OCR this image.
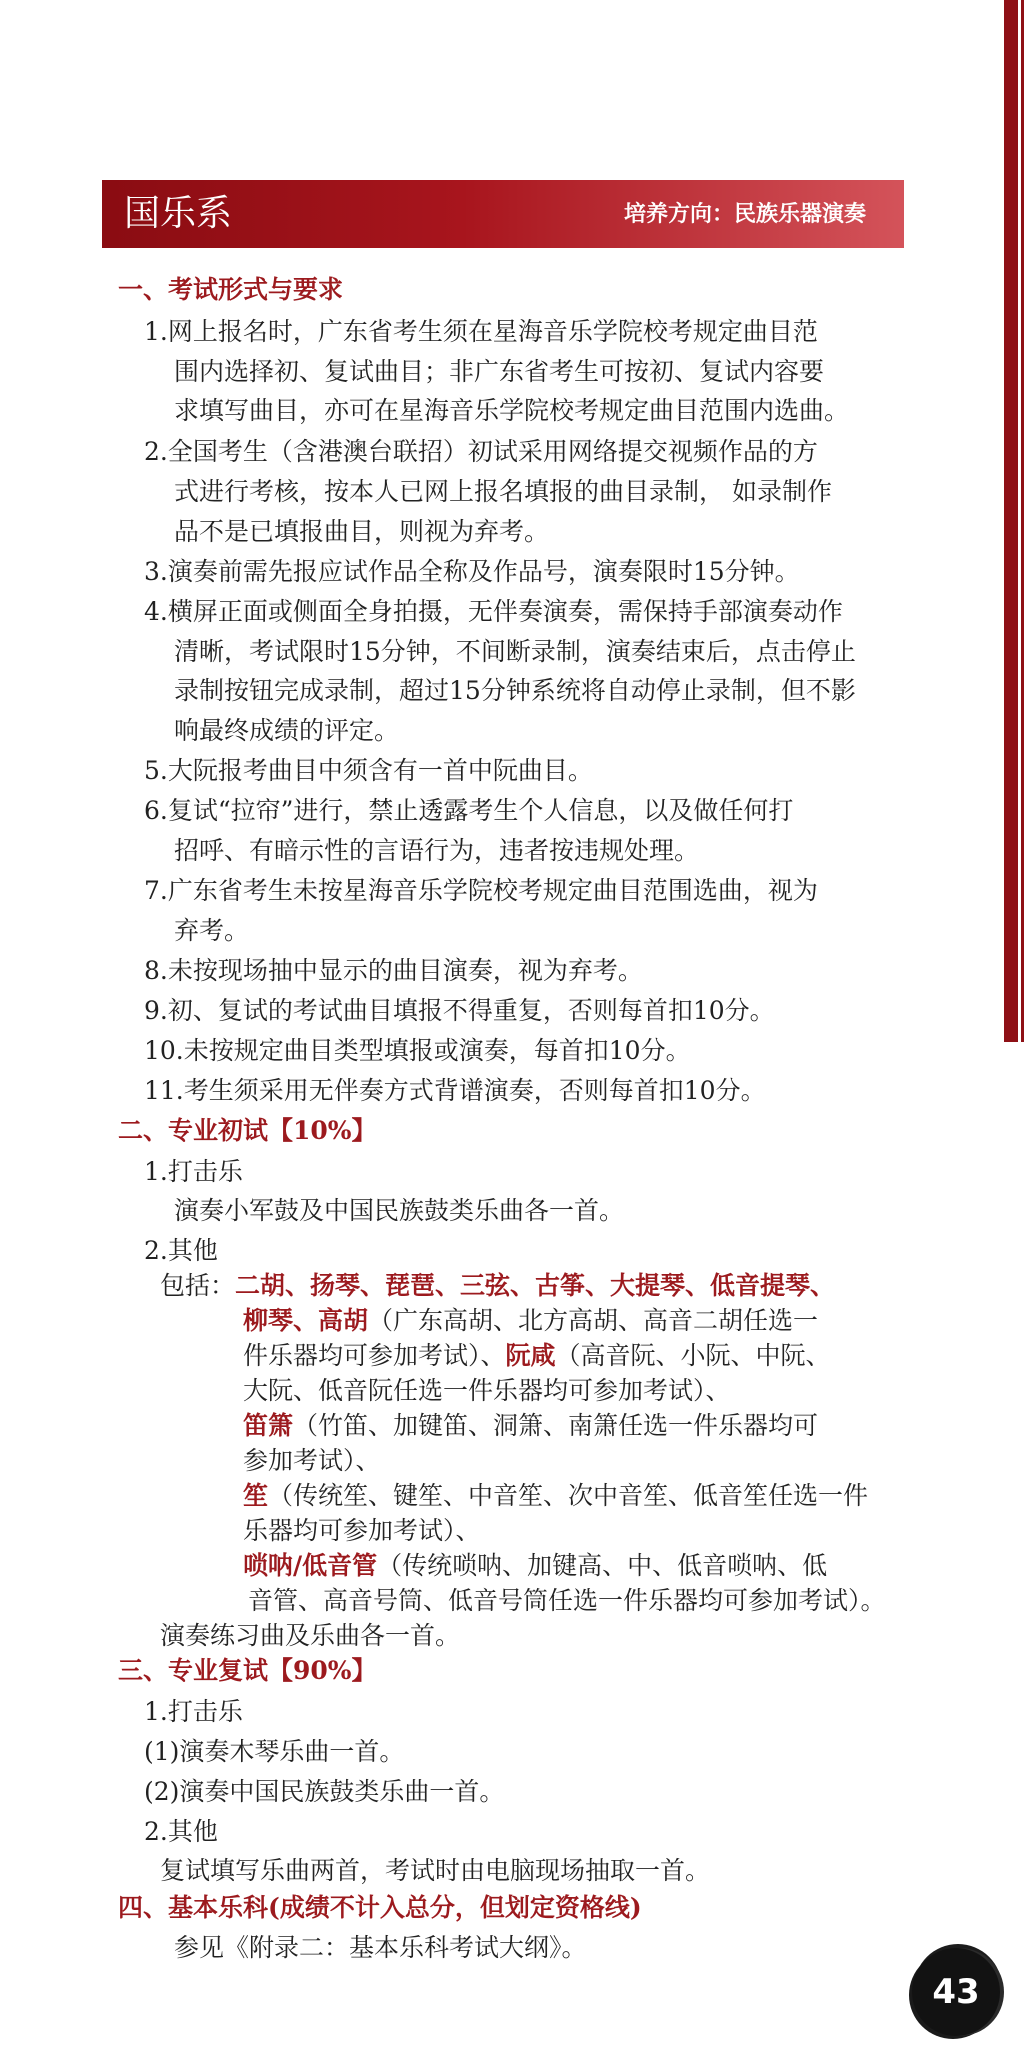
国乐系	培养方向：民族乐器演奏
一、考试形式与要求
1.网上报名时，广东省考生须在星海音乐学院校考规定曲目范
围内选择初、复试曲目；非广东省考生可按初、复试内容要
求填写曲目，亦可在星海音乐学院校考规定曲目范围内选曲。
2.全国考生（含港澳台联招）初试采用网络提交视频作品的方
式进行考核，按本人已网上报名填报的曲目录制， 如录制作
品不是已填报曲目，则视为弃考。
3.演奏前需先报应试作品全称及作品号，演奏限时15分钟。
4.横屏正面或侧面全身拍摄，无伴奏演奏，需保持手部演奏动作
清晰，考试限时15分钟，不间断录制，演奏结束后，点击停止
录制按钮完成录制，超过15分钟系统将自动停止录制，但不影
响最终成绩的评定。
5.大阮报考曲目中须含有一首中阮曲目。
6.复试“拉帘”进行，禁止透露考生个人信息，以及做任何打
招呼、有暗示性的言语行为，违者按违规处理。
7.广东省考生未按星海音乐学院校考规定曲目范围选曲，视为
弃考。
8.未按现场抽中显示的曲目演奏，视为弃考。
9.初、复试的考试曲目填报不得重复，否则每首扣10分。
10.未按规定曲目类型填报或演奏，每首扣10分。
11.考生须采用无伴奏方式背谱演奏，否则每首扣10分。
二、专业初试【10%】
1.打击乐
演奏小军鼓及中国民族鼓类乐曲各一首。
2.其他
包括：二胡、扬琴、琵琶、三弦、古筝、大提琴、低音提琴、
柳琴、高胡（广东高胡、北方高胡、高音二胡任选一
件乐器均可参加考试）、阮咸（高音阮、小阮、中阮、
大阮、低音阮任选一件乐器均可参加考试）、
笛箫（竹笛、加键笛、洞箫、南箫任选一件乐器均可
参加考试）、
笙（传统笙、键笙、中音笙、次中音笙、低音笙任选一件
乐器均可参加考试）、
唢呐/低音管（传统唢呐、加键高、中、低音唢呐、低
音管、高音号筒、低音号筒任选一件乐器均可参加考试）。
演奏练习曲及乐曲各一首。
三、专业复试【90%】
1.打击乐
(1)演奏木琴乐曲一首。
(2)演奏中国民族鼓类乐曲一首。
2.其他
复试填写乐曲两首，考试时由电脑现场抽取一首。
四、基本乐科(成绩不计入总分，但划定资格线)
参见《附录二：基本乐科考试大纲》。
43
